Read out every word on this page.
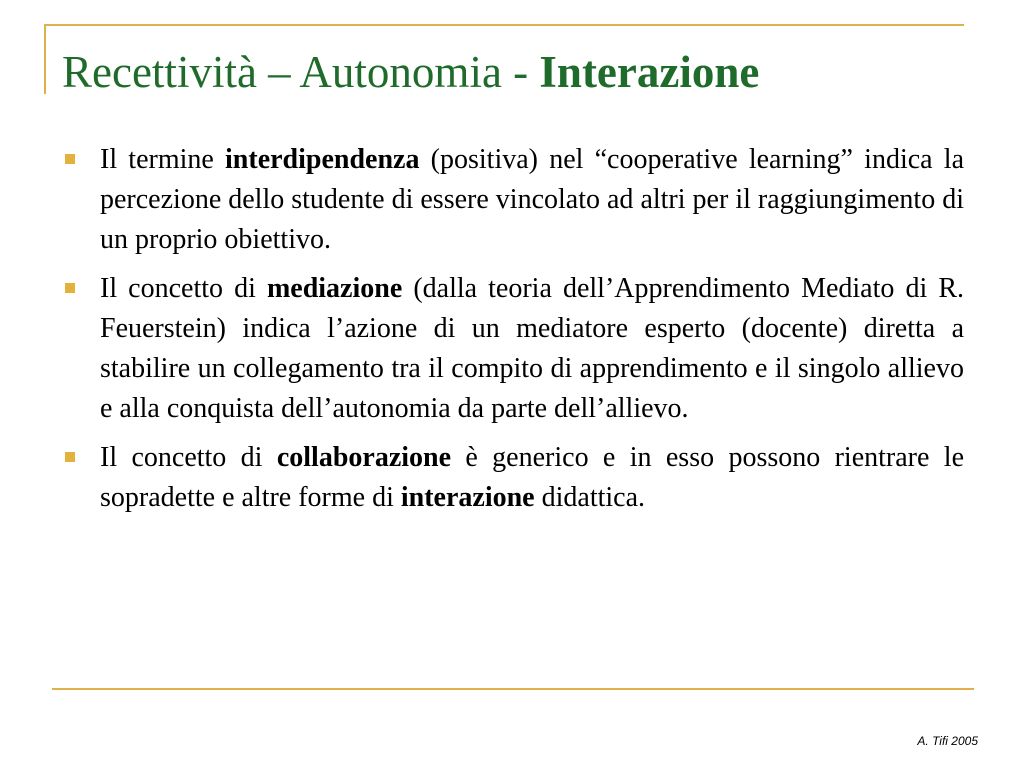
Recettività – Autonomia - Interazione
Il termine interdipendenza (positiva) nel “cooperative learning” indica la percezione dello studente di essere vincolato ad altri per il raggiungimento di un proprio obiettivo.
Il concetto di mediazione (dalla teoria dell’Apprendimento Mediato di R. Feuerstein) indica l’azione di un mediatore esperto (docente) diretta a stabilire un collegamento tra il compito di apprendimento e il singolo allievo e alla conquista dell’autonomia da parte dell’allievo.
Il concetto di collaborazione è generico e in esso possono rientrare le sopradette e altre forme di interazione didattica.
A. Tifi 2005
